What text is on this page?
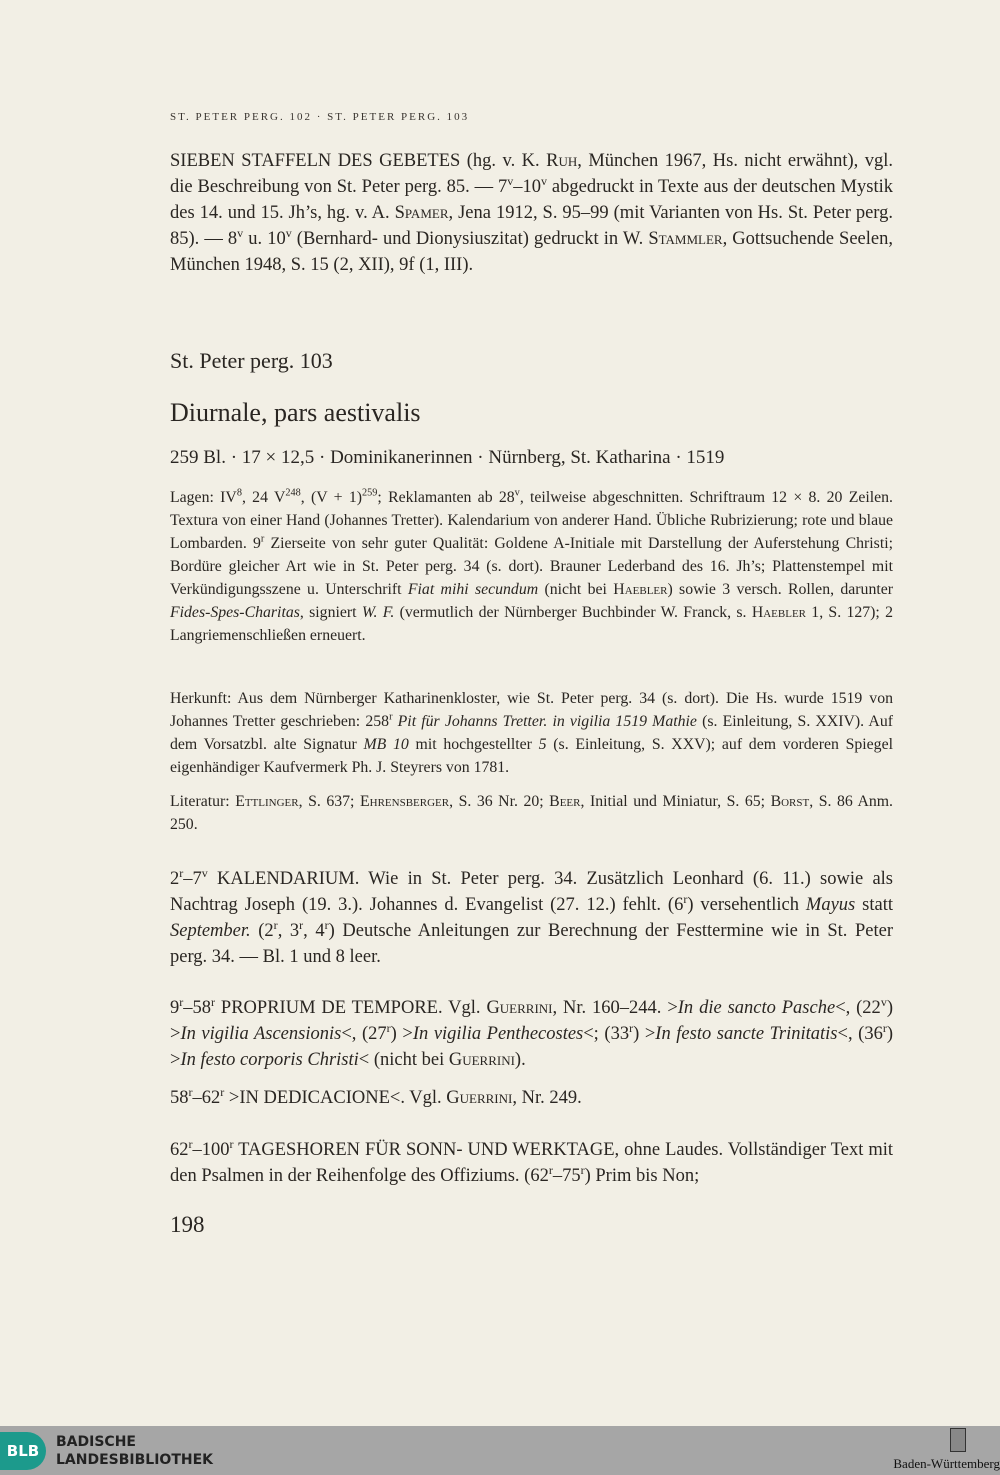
ST. PETER PERG. 102 · ST. PETER PERG. 103
SIEBEN STAFFELN DES GEBETES (hg. v. K. Ruh, München 1967, Hs. nicht erwähnt), vgl. die Beschreibung von St. Peter perg. 85. — 7$^v$–10$^v$ abgedruckt in Texte aus der deutschen Mystik des 14. und 15. Jh’s, hg. v. A. Spamer, Jena 1912, S. 95–99 (mit Varianten von Hs. St. Peter perg. 85). — 8$^v$ u. 10$^v$ (Bernhard- und Dionysiuszitat) gedruckt in W. Stammler, Gottsuchende Seelen, München 1948, S. 15 (2, XII), 9f (1, III).
St. Peter perg. 103
Diurnale, pars aestivalis
259 Bl. · 17 × 12,5 · Dominikanerinnen · Nürnberg, St. Katharina · 1519
Lagen: $IV^8$, 24 $V^{248}$, $(V + 1)^{259}$; Reklamanten ab 28$^v$, teilweise abgeschnitten. Schriftraum 12 × 8. 20 Zeilen. Textura von einer Hand (Johannes Tretter). Kalendarium von anderer Hand. Übliche Rubrizierung; rote und blaue Lombarden. 9$^r$ Zierseite von sehr guter Qualität: Goldene A-Initiale mit Darstellung der Auferstehung Christi; Bordüre gleicher Art wie in St. Peter perg. 34 (s. dort). Brauner Lederband des 16. Jh’s; Plattenstempel mit Verkündigungsszene u. Unterschrift Fiat mihi secundum (nicht bei Haebler) sowie 3 versch. Rollen, darunter Fides-Spes-Charitas, signiert W. F. (vermutlich der Nürnberger Buchbinder W. Franck, s. Haebler 1, S. 127); 2 Langriemenschließen erneuert.
Herkunft: Aus dem Nürnberger Katharinenkloster, wie St. Peter perg. 34 (s. dort). Die Hs. wurde 1519 von Johannes Tretter geschrieben: 258$^r$ Pit für Johanns Tretter. in vigilia 1519 Mathie (s. Einleitung, S. XXIV). Auf dem Vorsatzbl. alte Signatur MB 10 mit hochgestellter 5 (s. Einleitung, S. XXV); auf dem vorderen Spiegel eigenhändiger Kaufvermerk Ph. J. Steyrers von 1781.
Literatur: Ettlinger, S. 637; Ehrensberger, S. 36 Nr. 20; Beer, Initial und Miniatur, S. 65; Borst, S. 86 Anm. 250.
2$^r$–7$^v$ KALENDARIUM. Wie in St. Peter perg. 34. Zusätzlich Leonhard (6. 11.) sowie als Nachtrag Joseph (19. 3.). Johannes d. Evangelist (27. 12.) fehlt. (6$^r$) versehentlich Mayus statt September. (2$^r$, 3$^r$, 4$^r$) Deutsche Anleitungen zur Berechnung der Festtermine wie in St. Peter perg. 34. — Bl. 1 und 8 leer.
9$^r$–58$^r$ PROPRIUM DE TEMPORE. Vgl. Guerrini, Nr. 160–244. >In die sancto Pasche<, $(22^v) >In$ vigilia Ascensionis<, $(27^r) >In$ vigilia Penthecostes<; $(33^r) >In$ festo sancte Trinitatis<, $(36^r) >In$ festo corporis Christi< (nicht bei Guerrini).
$58^r-62^r >IN$ DEDICACIONE<. Vgl. Guerrini, Nr. 249.
62$^r$–100$^r$ TAGESHOREN FÜR SONN- UND WERKTAGE, ohne Laudes. Vollständiger Text mit den Psalmen in der Reihenfolge des Offiziums. (62$^r$–75$^r$) Prim bis Non;
198
BLB	BADISCHE
LANDESBIBLIOTHEK	Baden-Württemberg
